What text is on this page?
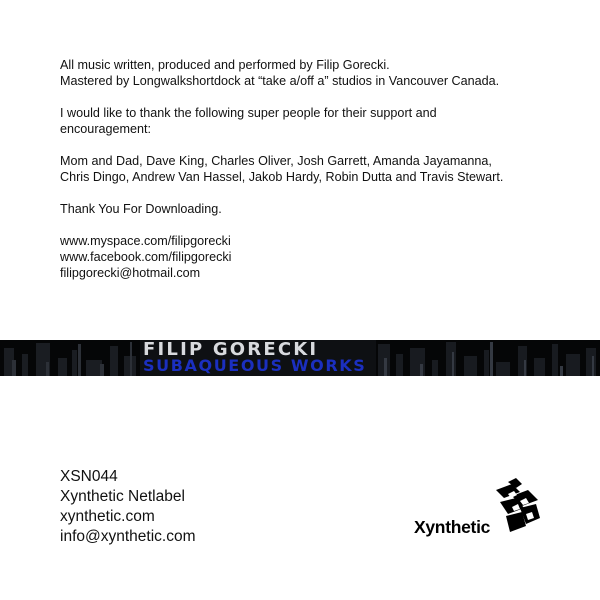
All music written, produced and performed by Filip Gorecki.
Mastered by Longwalkshortdock at “take a/off a” studios in Vancouver Canada.
I would like to thank the following super people for their support and
encouragement:
Mom and Dad, Dave King, Charles Oliver, Josh Garrett, Amanda Jayamanna,
Chris Dingo, Andrew Van Hassel, Jakob Hardy, Robin Dutta and Travis Stewart.
Thank You For Downloading.
www.myspace.com/filipgorecki
www.facebook.com/filipgorecki
filipgorecki@hotmail.com
FILIP GORECKI
SUBAQUEOUS WORKS
XSN044
Xynthetic Netlabel
xynthetic.com
info@xynthetic.com	Xynthetic
